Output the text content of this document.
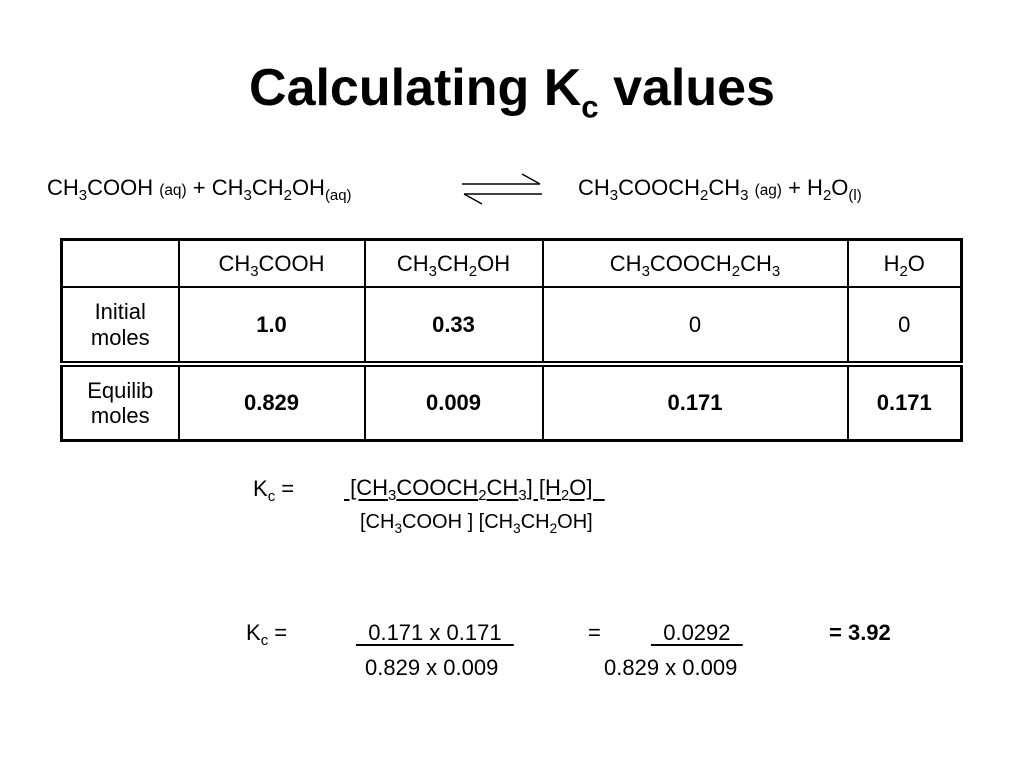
Calculating $K_c$ values
$CH_3COOH$ $(aq) + CH_3CH_2OH_{(aq)}$	$CH_3COOCH_2CH_3$ $(ag) + H_2O_{(l)}$
	$CH_3COOH$	$CH_3CH_2OH$	$CH_3COOCH_2CH_3$	$H_2O$
Initial
moles	1.0	0.33	0	0
Equilib
moles	0.829	0.009	0.171	0.171
$K_c$ = $[CH_3COOCH_2CH_3]$ $[H_2O]$
[$CH_3COOH$ ] $[CH_3CH_2OH]$
$K_c$ =	0.171 x 0.171
0.829 x 0.009
= 0.0292
0.829 x 0.009
= 3.92
